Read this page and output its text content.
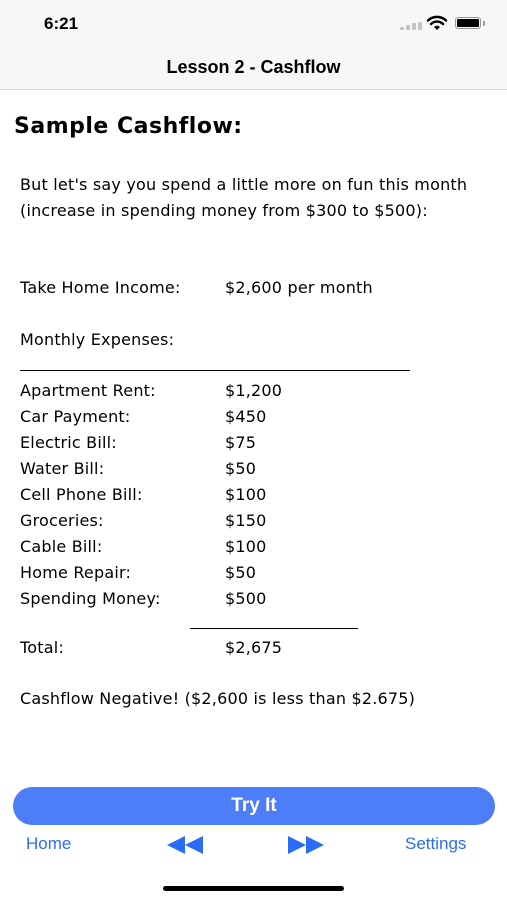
6:21
Lesson 2 - Cashflow
Sample Cashflow:
But let's say you spend a little more on fun this month (increase in spending money from $300 to $500):
Take Home Income:	$2,600 per month
Monthly Expenses:
Apartment Rent:	$1,200
Car Payment:	$450
Electric Bill:	$75
Water Bill:	$50
Cell Phone Bill:	$100
Groceries:	$150
Cable Bill:	$100
Home Repair:	$50
Spending Money:	$500
Total:	$2,675
Cashflow Negative! ($2,600 is less than $2.675)
Try It
Home	Settings
